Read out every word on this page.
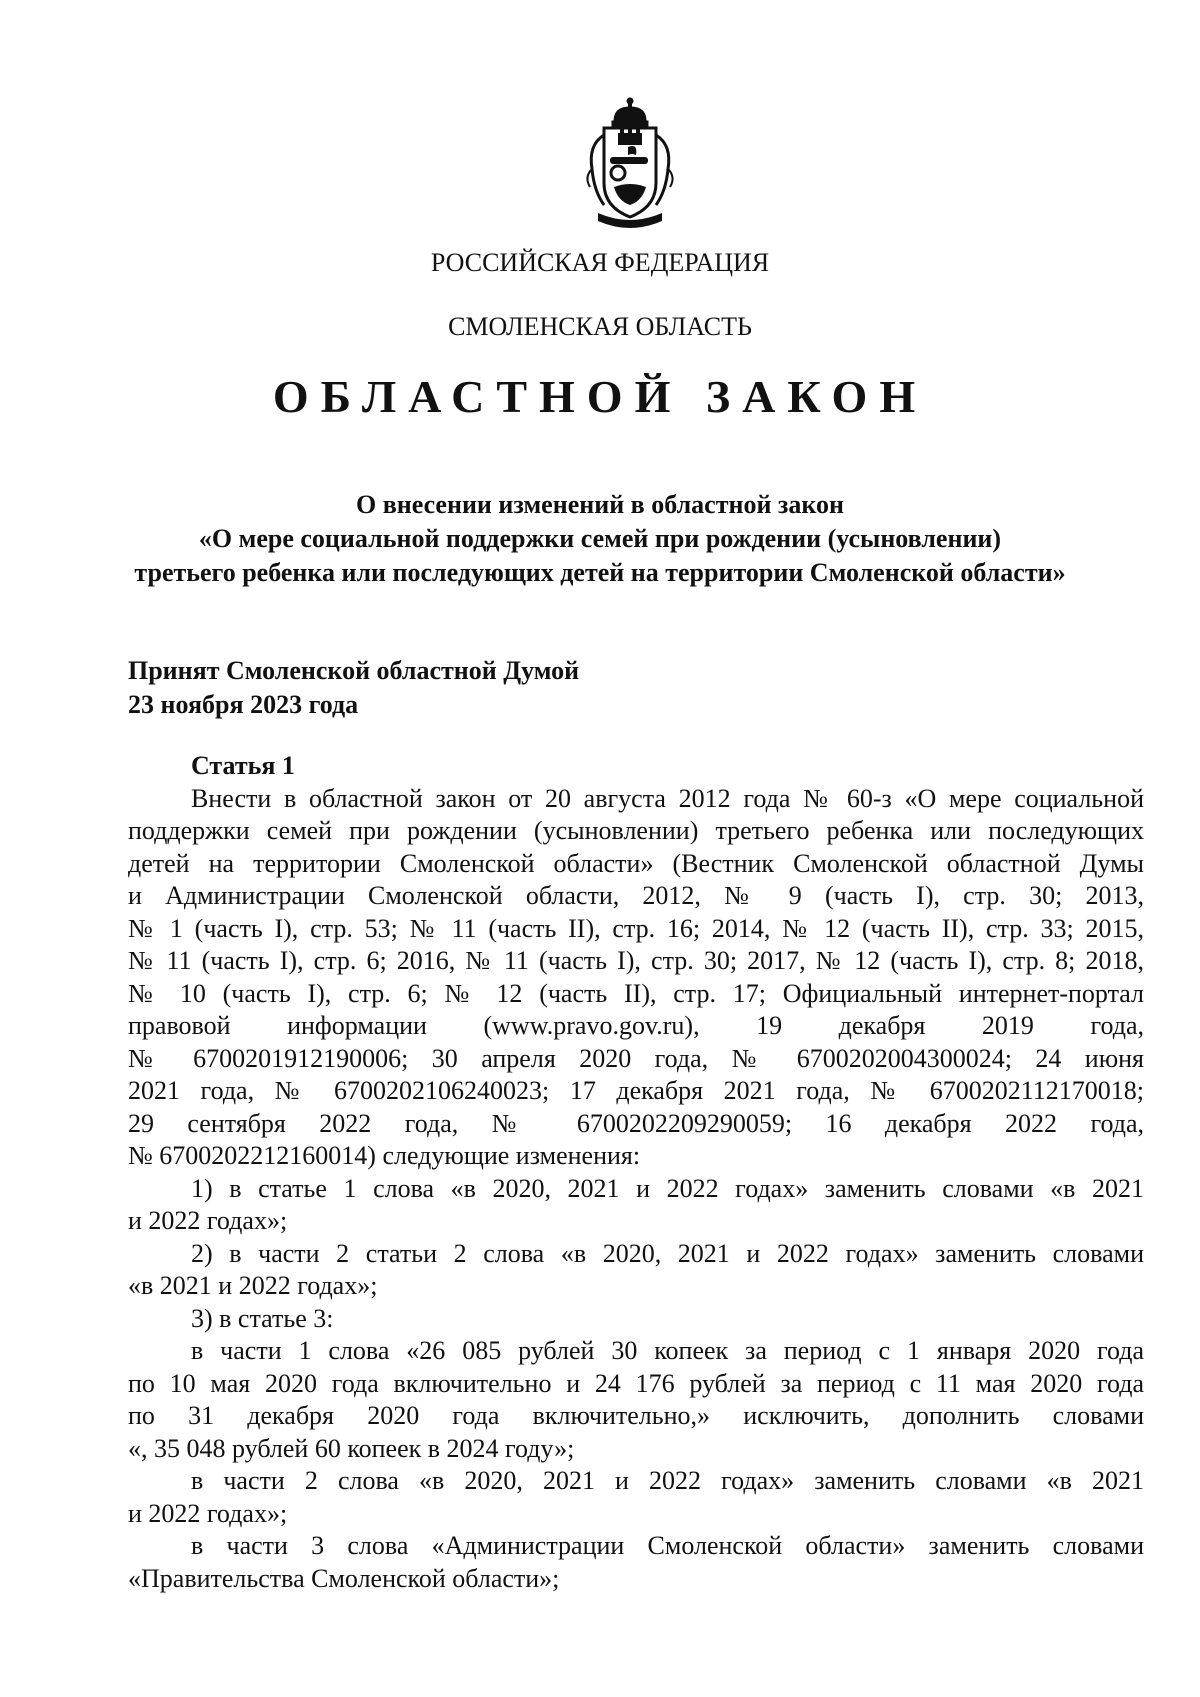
РОССИЙСКАЯ ФЕДЕРАЦИЯ
СМОЛЕНСКАЯ ОБЛАСТЬ
ОБЛАСТНОЙ ЗАКОН
О внесении изменений в областной закон
«О мере социальной поддержки семей при рождении (усыновлении)
третьего ребенка или последующих детей на территории Смоленской области»
Принят Смоленской областной Думой
23 ноября 2023 года
Статья 1
Внести в областной закон от 20 августа 2012 года № 60-з «О мере социальной
поддержки семей при рождении (усыновлении) третьего ребенка или последующих
детей на территории Смоленской области» (Вестник Смоленской областной Думы
и Администрации Смоленской области, 2012, № 9 (часть I), стр. 30; 2013,
№ 1 (часть I), стр. 53; № 11 (часть II), стр. 16; 2014, № 12 (часть II), стр. 33; 2015,
№ 11 (часть I), стр. 6; 2016, № 11 (часть I), стр. 30; 2017, № 12 (часть I), стр. 8; 2018,
№ 10 (часть I), стр. 6; № 12 (часть II), стр. 17; Официальный интернет-портал
правовой информации (www.pravo.gov.ru), 19 декабря 2019 года,
№ 6700201912190006; 30 апреля 2020 года, № 6700202004300024; 24 июня
2021 года, № 6700202106240023; 17 декабря 2021 года, № 6700202112170018;
29 сентября 2022 года, № 6700202209290059; 16 декабря 2022 года,
№ 6700202212160014) следующие изменения:
1) в статье 1 слова «в 2020, 2021 и 2022 годах» заменить словами «в 2021
и 2022 годах»;
2) в части 2 статьи 2 слова «в 2020, 2021 и 2022 годах» заменить словами
«в 2021 и 2022 годах»;
3) в статье 3:
в части 1 слова «26 085 рублей 30 копеек за период с 1 января 2020 года
по 10 мая 2020 года включительно и 24 176 рублей за период с 11 мая 2020 года
по 31 декабря 2020 года включительно,» исключить, дополнить словами
«, 35 048 рублей 60 копеек в 2024 году»;
в части 2 слова «в 2020, 2021 и 2022 годах» заменить словами «в 2021
и 2022 годах»;
в части 3 слова «Администрации Смоленской области» заменить словами
«Правительства Смоленской области»;
